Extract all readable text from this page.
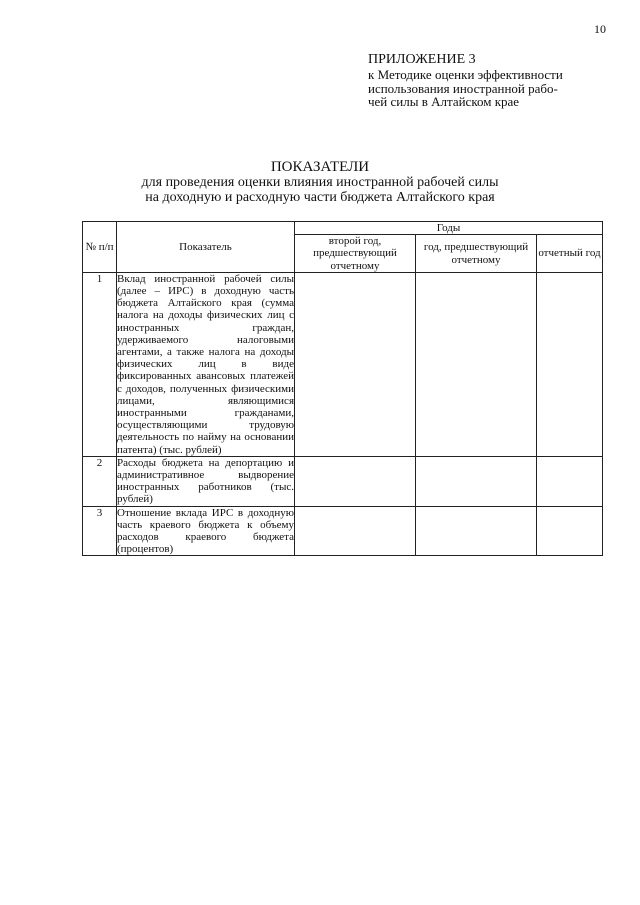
10
ПРИЛОЖЕНИЕ 3
к Методике оценки эффективности
использования иностранной рабо-
чей силы в Алтайском крае
ПОКАЗАТЕЛИ
для проведения оценки влияния иностранной рабочей силы
на доходную и расходную части бюджета Алтайского края
№ п/п	Показатель	Годы		
		второй год, предшествующий отчетному	год, предшествующий отчетному	отчетный год
1	Вклад иностранной рабочей силы (далее – ИРС) в доходную часть бюджета Алтайского края (сумма налога на доходы физических лиц с иностранных граждан, удерживаемого налоговыми агентами, а также налога на доходы физических лиц в виде фиксированных авансовых платежей с доходов, полученных физическими лицами, являющимися иностранными гражданами, осуществляющими трудовую деятельность по найму на основании патента) (тыс. рублей)			
2	Расходы бюджета на депортацию и административное выдворение иностранных работников (тыс. рублей)			
3	Отношение вклада ИРС в доходную часть краевого бюджета к объему расходов краевого бюджета (процентов)			
